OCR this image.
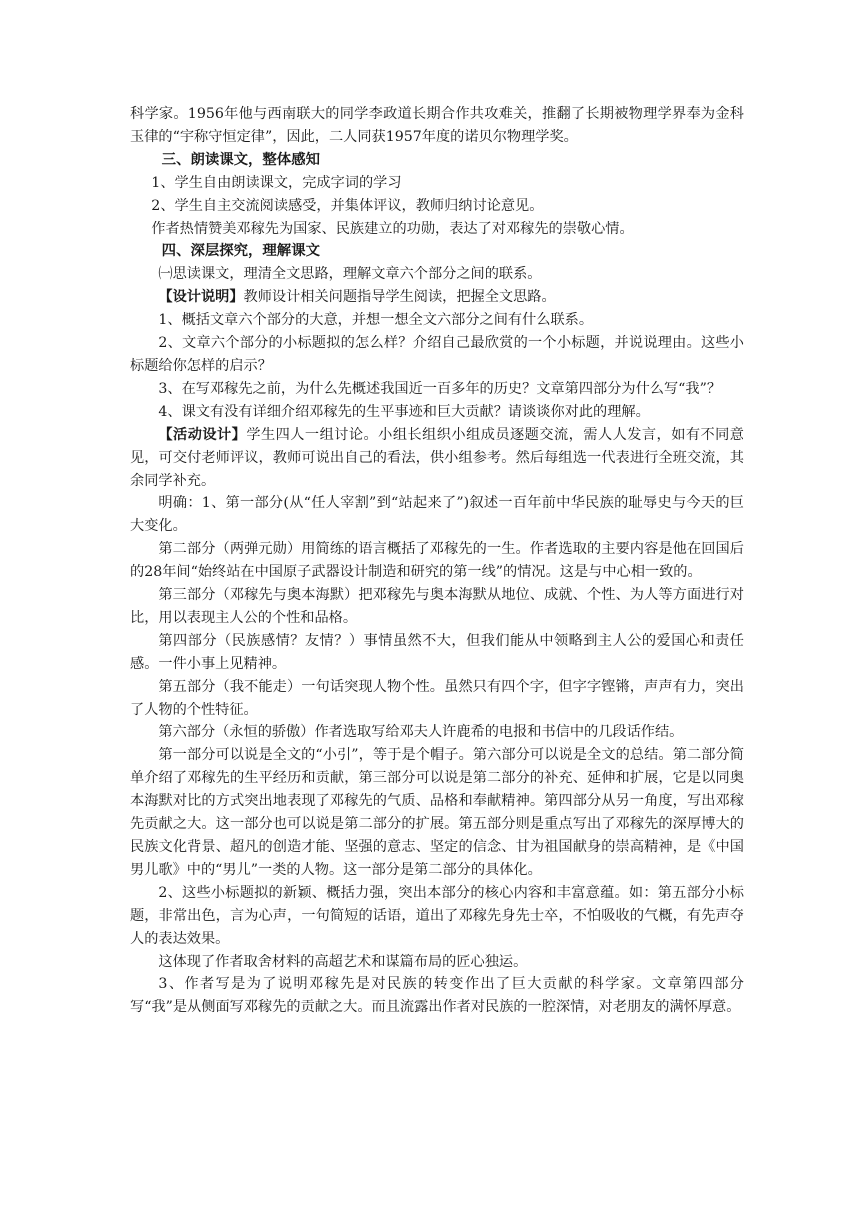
科学家。1956年他与西南联大的同学李政道长期合作共攻难关，推翻了长期被物理学界奉为金科玉律的“宇称守恒定律”，因此，二人同获1957年度的诺贝尔物理学奖。

三、朗读课文，整体感知

1、学生自由朗读课文，完成字词的学习

2、学生自主交流阅读感受，并集体评议，教师归纳讨论意见。

作者热情赞美邓稼先为国家、民族建立的功勋，表达了对邓稼先的崇敬心情。

四、深层探究，理解课文

㈠思读课文，理清全文思路，理解文章六个部分之间的联系。

【设计说明】教师设计相关问题指导学生阅读，把握全文思路。

1、概括文章六个部分的大意，并想一想全文六部分之间有什么联系。

2、文章六个部分的小标题拟的怎么样？介绍自己最欣赏的一个小标题，并说说理由。这些小标题给你怎样的启示？

3、在写邓稼先之前，为什么先概述我国近一百多年的历史？文章第四部分为什么写“我”？

4、课文有没有详细介绍邓稼先的生平事迹和巨大贡献？请谈谈你对此的理解。

【活动设计】学生四人一组讨论。小组长组织小组成员逐题交流，需人人发言，如有不同意见，可交付老师评议，教师可说出自己的看法，供小组参考。然后每组选一代表进行全班交流，其余同学补充。

明确：1、第一部分(从“任人宰割”到“站起来了”)叙述一百年前中华民族的耻辱史与今天的巨大变化。

第二部分（两弹元勋）用简练的语言概括了邓稼先的一生。作者选取的主要内容是他在回国后的28年间“始终站在中国原子武器设计制造和研究的第一线”的情况。这是与中心相一致的。

第三部分（邓稼先与奥本海默）把邓稼先与奥本海默从地位、成就、个性、为人等方面进行对比，用以表现主人公的个性和品格。

第四部分（民族感情？友情？）事情虽然不大，但我们能从中领略到主人公的爱国心和责任感。一件小事上见精神。

第五部分（我不能走）一句话突现人物个性。虽然只有四个字，但字字铿锵，声声有力，突出了人物的个性特征。

第六部分（永恒的骄傲）作者选取写给邓夫人许鹿希的电报和书信中的几段话作结。

第一部分可以说是全文的“小引”，等于是个帽子。第六部分可以说是全文的总结。第二部分简单介绍了邓稼先的生平经历和贡献，第三部分可以说是第二部分的补充、延伸和扩展，它是以同奥本海默对比的方式突出地表现了邓稼先的气质、品格和奉献精神。第四部分从另一角度，写出邓稼先贡献之大。这一部分也可以说是第二部分的扩展。第五部分则是重点写出了邓稼先的深厚博大的民族文化背景、超凡的创造才能、坚强的意志、坚定的信念、甘为祖国献身的崇高精神，是《中国男儿歌》中的“男儿”一类的人物。这一部分是第二部分的具体化。

2、这些小标题拟的新颖、概括力强，突出本部分的核心内容和丰富意蕴。如：第五部分小标题，非常出色，言为心声，一句简短的话语，道出了邓稼先身先士卒，不怕吸收的气概，有先声夺人的表达效果。

这体现了作者取舍材料的高超艺术和谋篇布局的匠心独运。

3、作者写是为了说明邓稼先是对民族的转变作出了巨大贡献的科学家。文章第四部分写“我”是从侧面写邓稼先的贡献之大。而且流露出作者对民族的一腔深情，对老朋友的满怀厚意。
